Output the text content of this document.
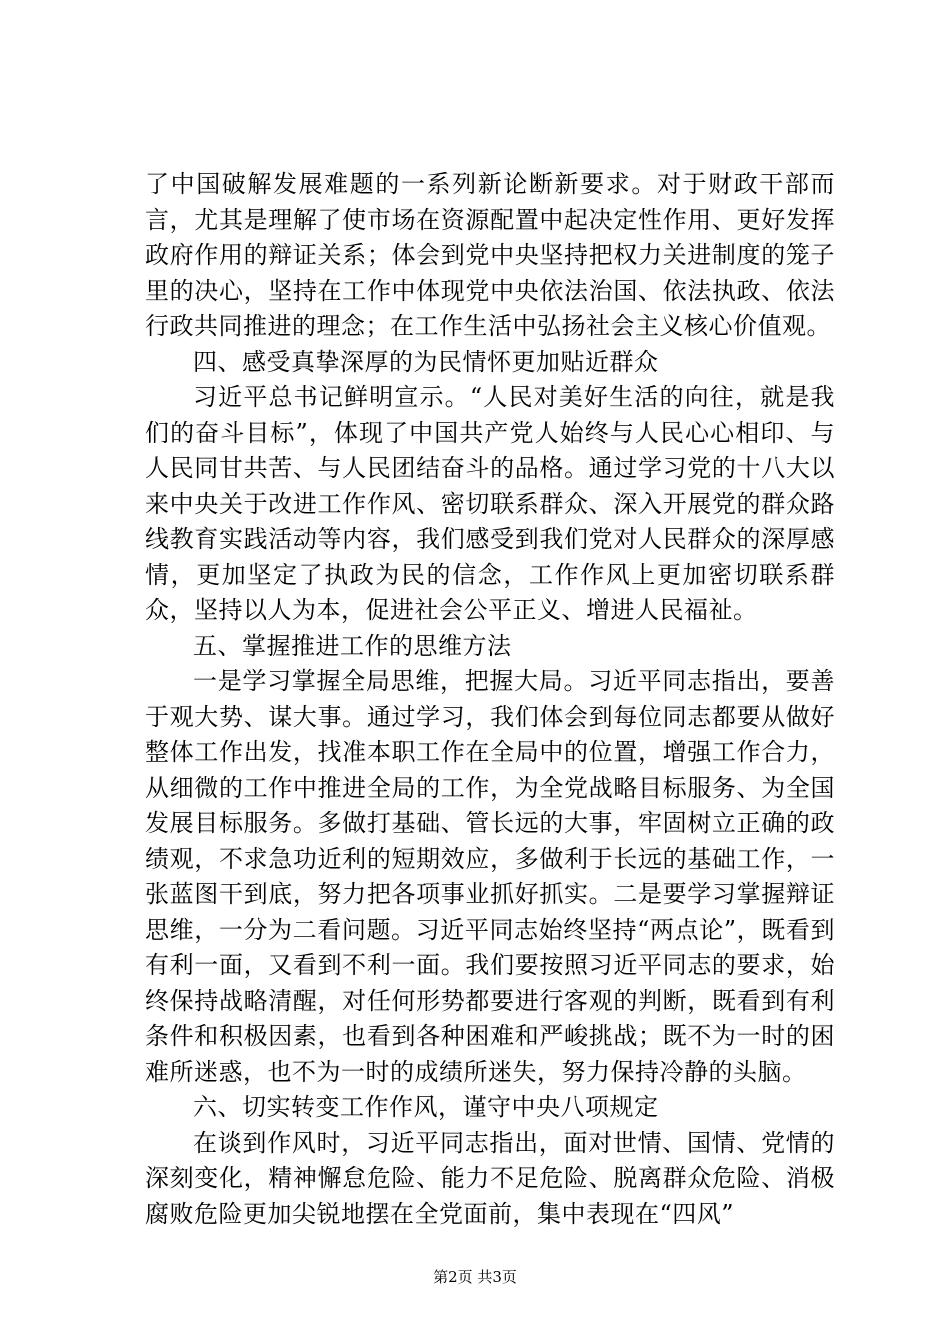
了中国破解发展难题的一系列新论断新要求。对于财政干部而言，尤其是理解了使市场在资源配置中起决定性作用、更好发挥政府作用的辩证关系；体会到党中央坚持把权力关进制度的笼子里的决心，坚持在工作中体现党中央依法治国、依法执政、依法行政共同推进的理念；在工作生活中弘扬社会主义核心价值观。

四、感受真挚深厚的为民情怀更加贴近群众

习近平总书记鲜明宣示。“人民对美好生活的向往，就是我们的奋斗目标”，体现了中国共产党人始终与人民心心相印、与人民同甘共苦、与人民团结奋斗的品格。通过学习党的十八大以来中央关于改进工作作风、密切联系群众、深入开展党的群众路线教育实践活动等内容，我们感受到我们党对人民群众的深厚感情，更加坚定了执政为民的信念，工作作风上更加密切联系群众，坚持以人为本，促进社会公平正义、增进人民福祉。

五、掌握推进工作的思维方法

一是学习掌握全局思维，把握大局。习近平同志指出，要善于观大势、谋大事。通过学习，我们体会到每位同志都要从做好整体工作出发，找准本职工作在全局中的位置，增强工作合力，从细微的工作中推进全局的工作，为全党战略目标服务、为全国发展目标服务。多做打基础、管长远的大事，牢固树立正确的政绩观，不求急功近利的短期效应，多做利于长远的基础工作，一张蓝图干到底，努力把各项事业抓好抓实。二是要学习掌握辩证思维，一分为二看问题。习近平同志始终坚持“两点论”，既看到有利一面，又看到不利一面。我们要按照习近平同志的要求，始终保持战略清醒，对任何形势都要进行客观的判断，既看到有利条件和积极因素，也看到各种困难和严峻挑战；既不为一时的困难所迷惑，也不为一时的成绩所迷失，努力保持冷静的头脑。

六、切实转变工作作风，谨守中央八项规定

在谈到作风时，习近平同志指出，面对世情、国情、党情的深刻变化，精神懈怠危险、能力不足危险、脱离群众危险、消极腐败危险更加尖锐地摆在全党面前，集中表现在“四风”

第2页 共3页
